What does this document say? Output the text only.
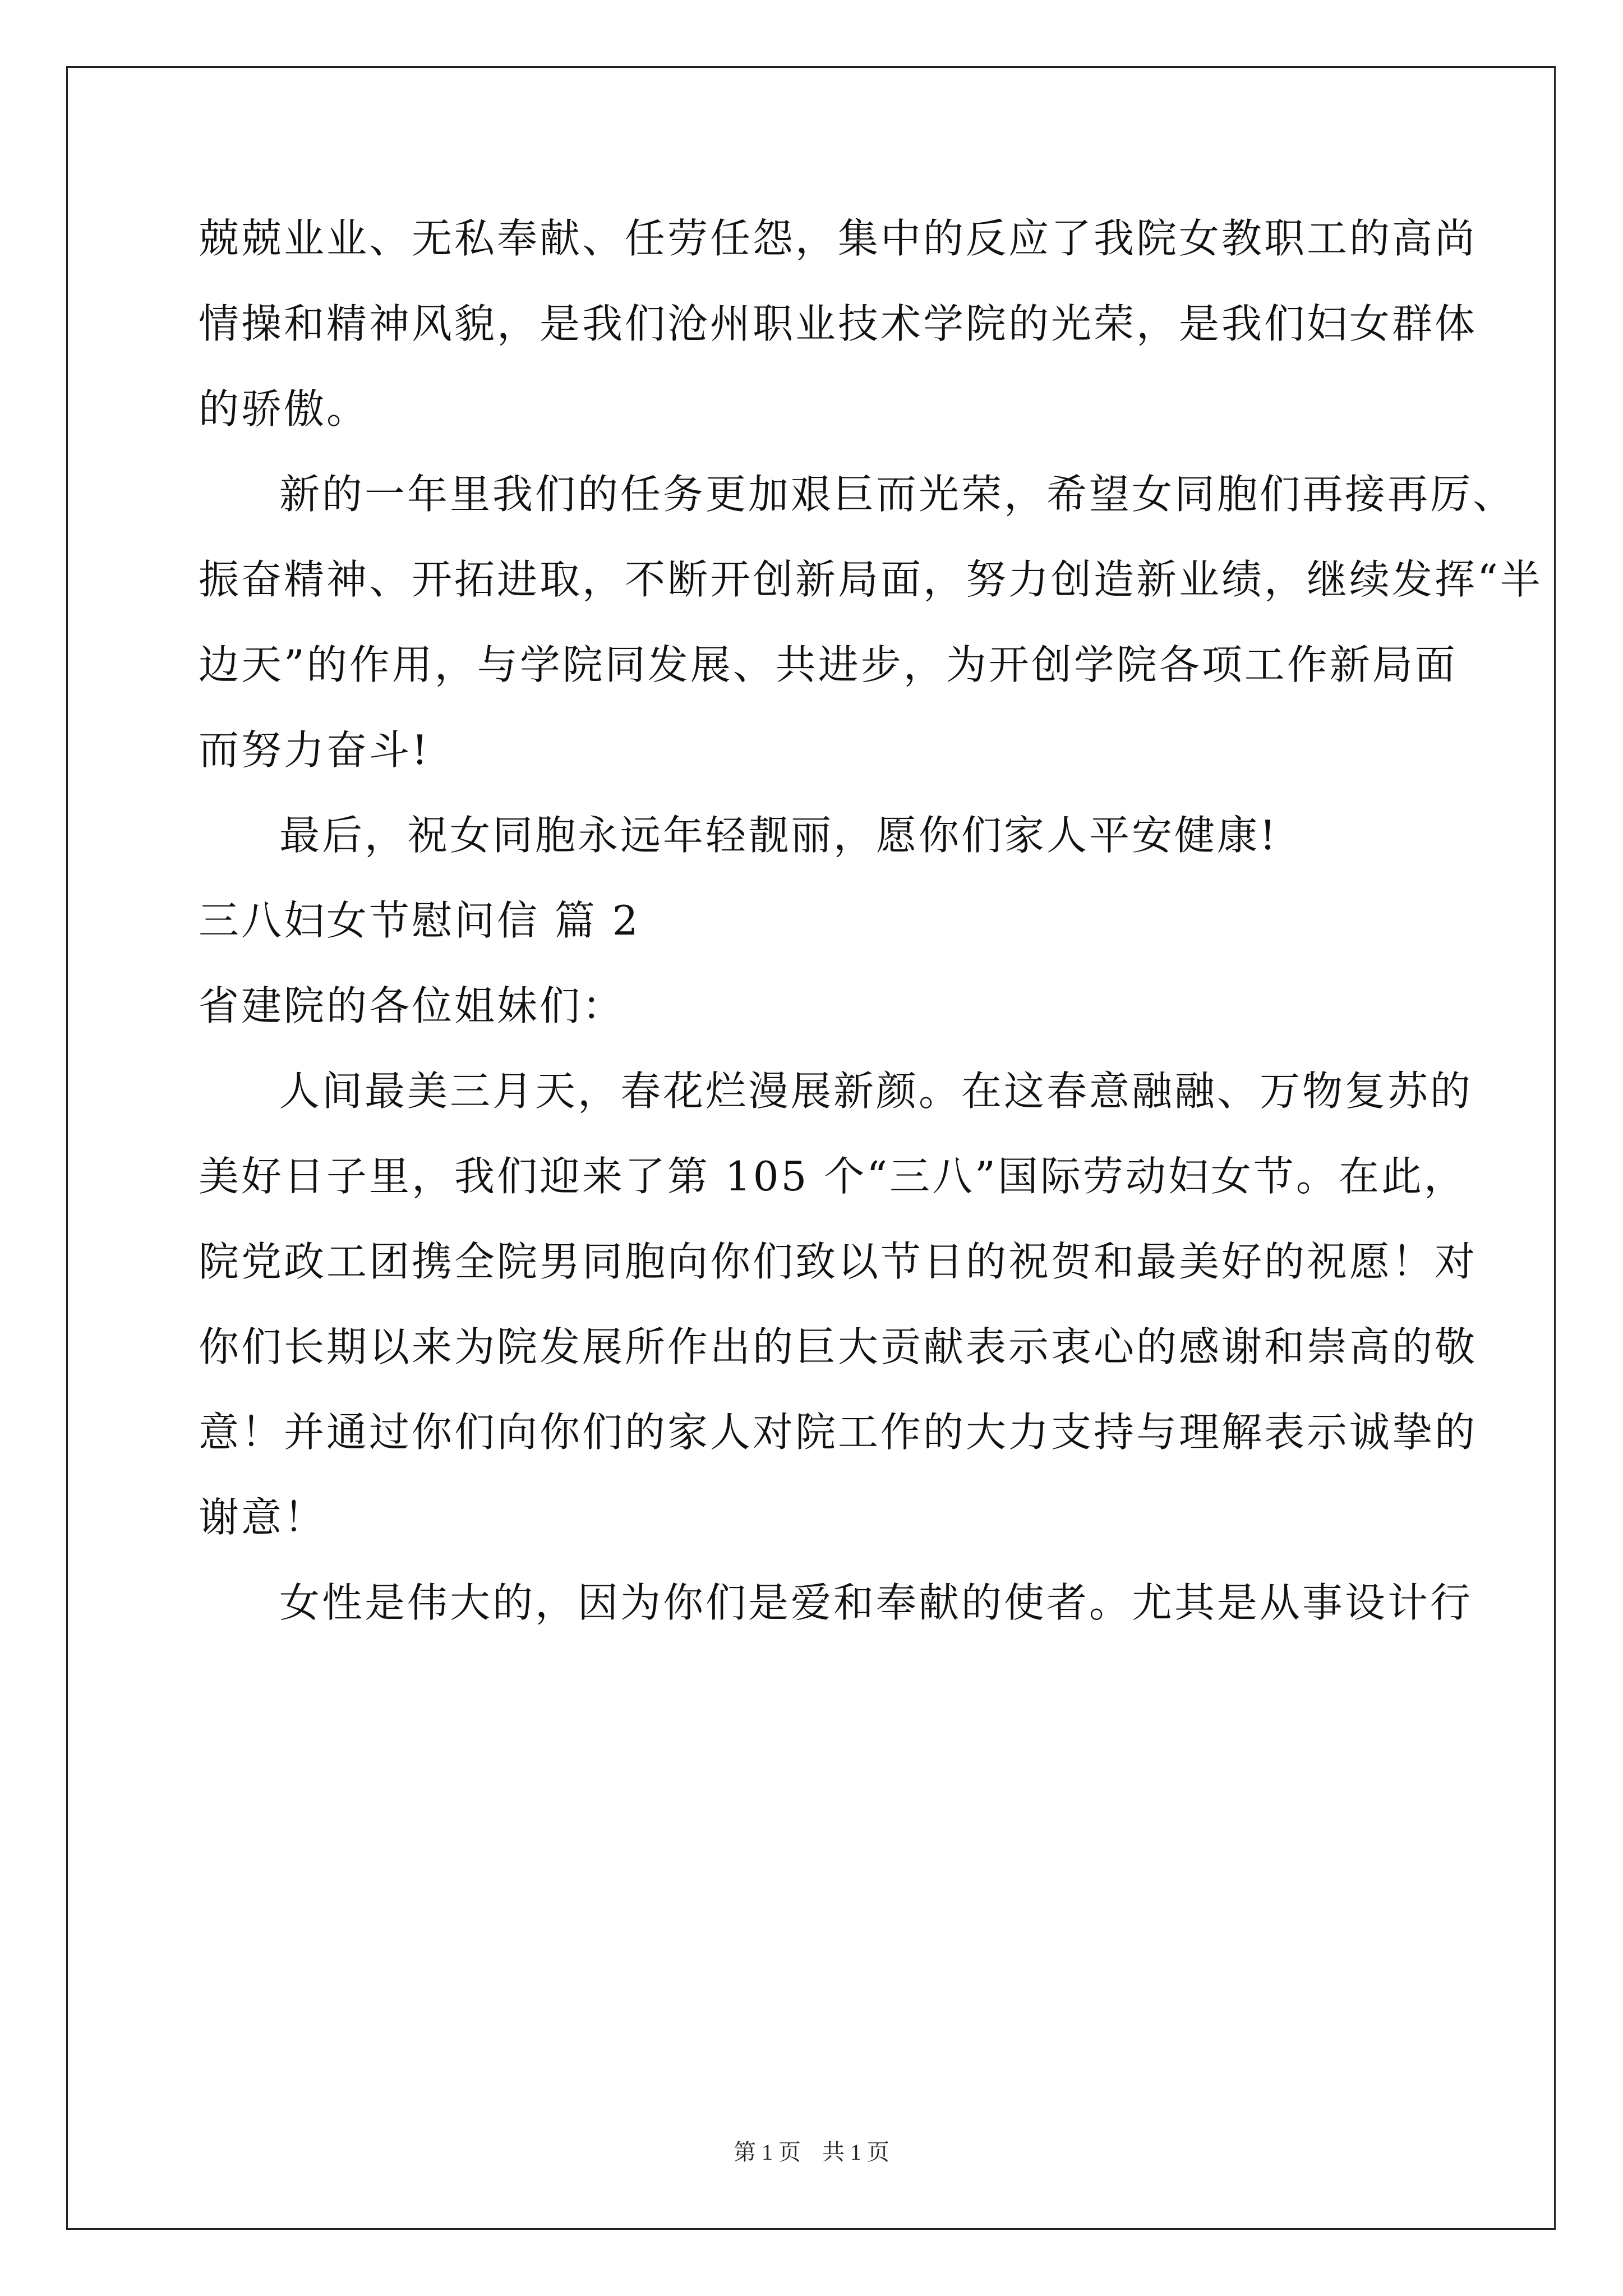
兢兢业业、无私奉献、任劳任怨，集中的反应了我院女教职工的高尚
情操和精神风貌，是我们沧州职业技术学院的光荣，是我们妇女群体
的骄傲。
新的一年里我们的任务更加艰巨而光荣，希望女同胞们再接再厉、
振奋精神、开拓进取，不断开创新局面，努力创造新业绩，继续发挥“半
边天”的作用，与学院同发展、共进步，为开创学院各项工作新局面
而努力奋斗!
最后，祝女同胞永远年轻靓丽，愿你们家人平安健康!
三八妇女节慰问信 篇 2
省建院的各位姐妹们：
人间最美三月天，春花烂漫展新颜。在这春意融融、万物复苏的
美好日子里，我们迎来了第 105 个“三八”国际劳动妇女节。在此，
院党政工团携全院男同胞向你们致以节日的祝贺和最美好的祝愿！对
你们长期以来为院发展所作出的巨大贡献表示衷心的感谢和崇高的敬
意！并通过你们向你们的家人对院工作的大力支持与理解表示诚挚的
谢意！
女性是伟大的，因为你们是爱和奉献的使者。尤其是从事设计行
第 1 页 共 1 页
